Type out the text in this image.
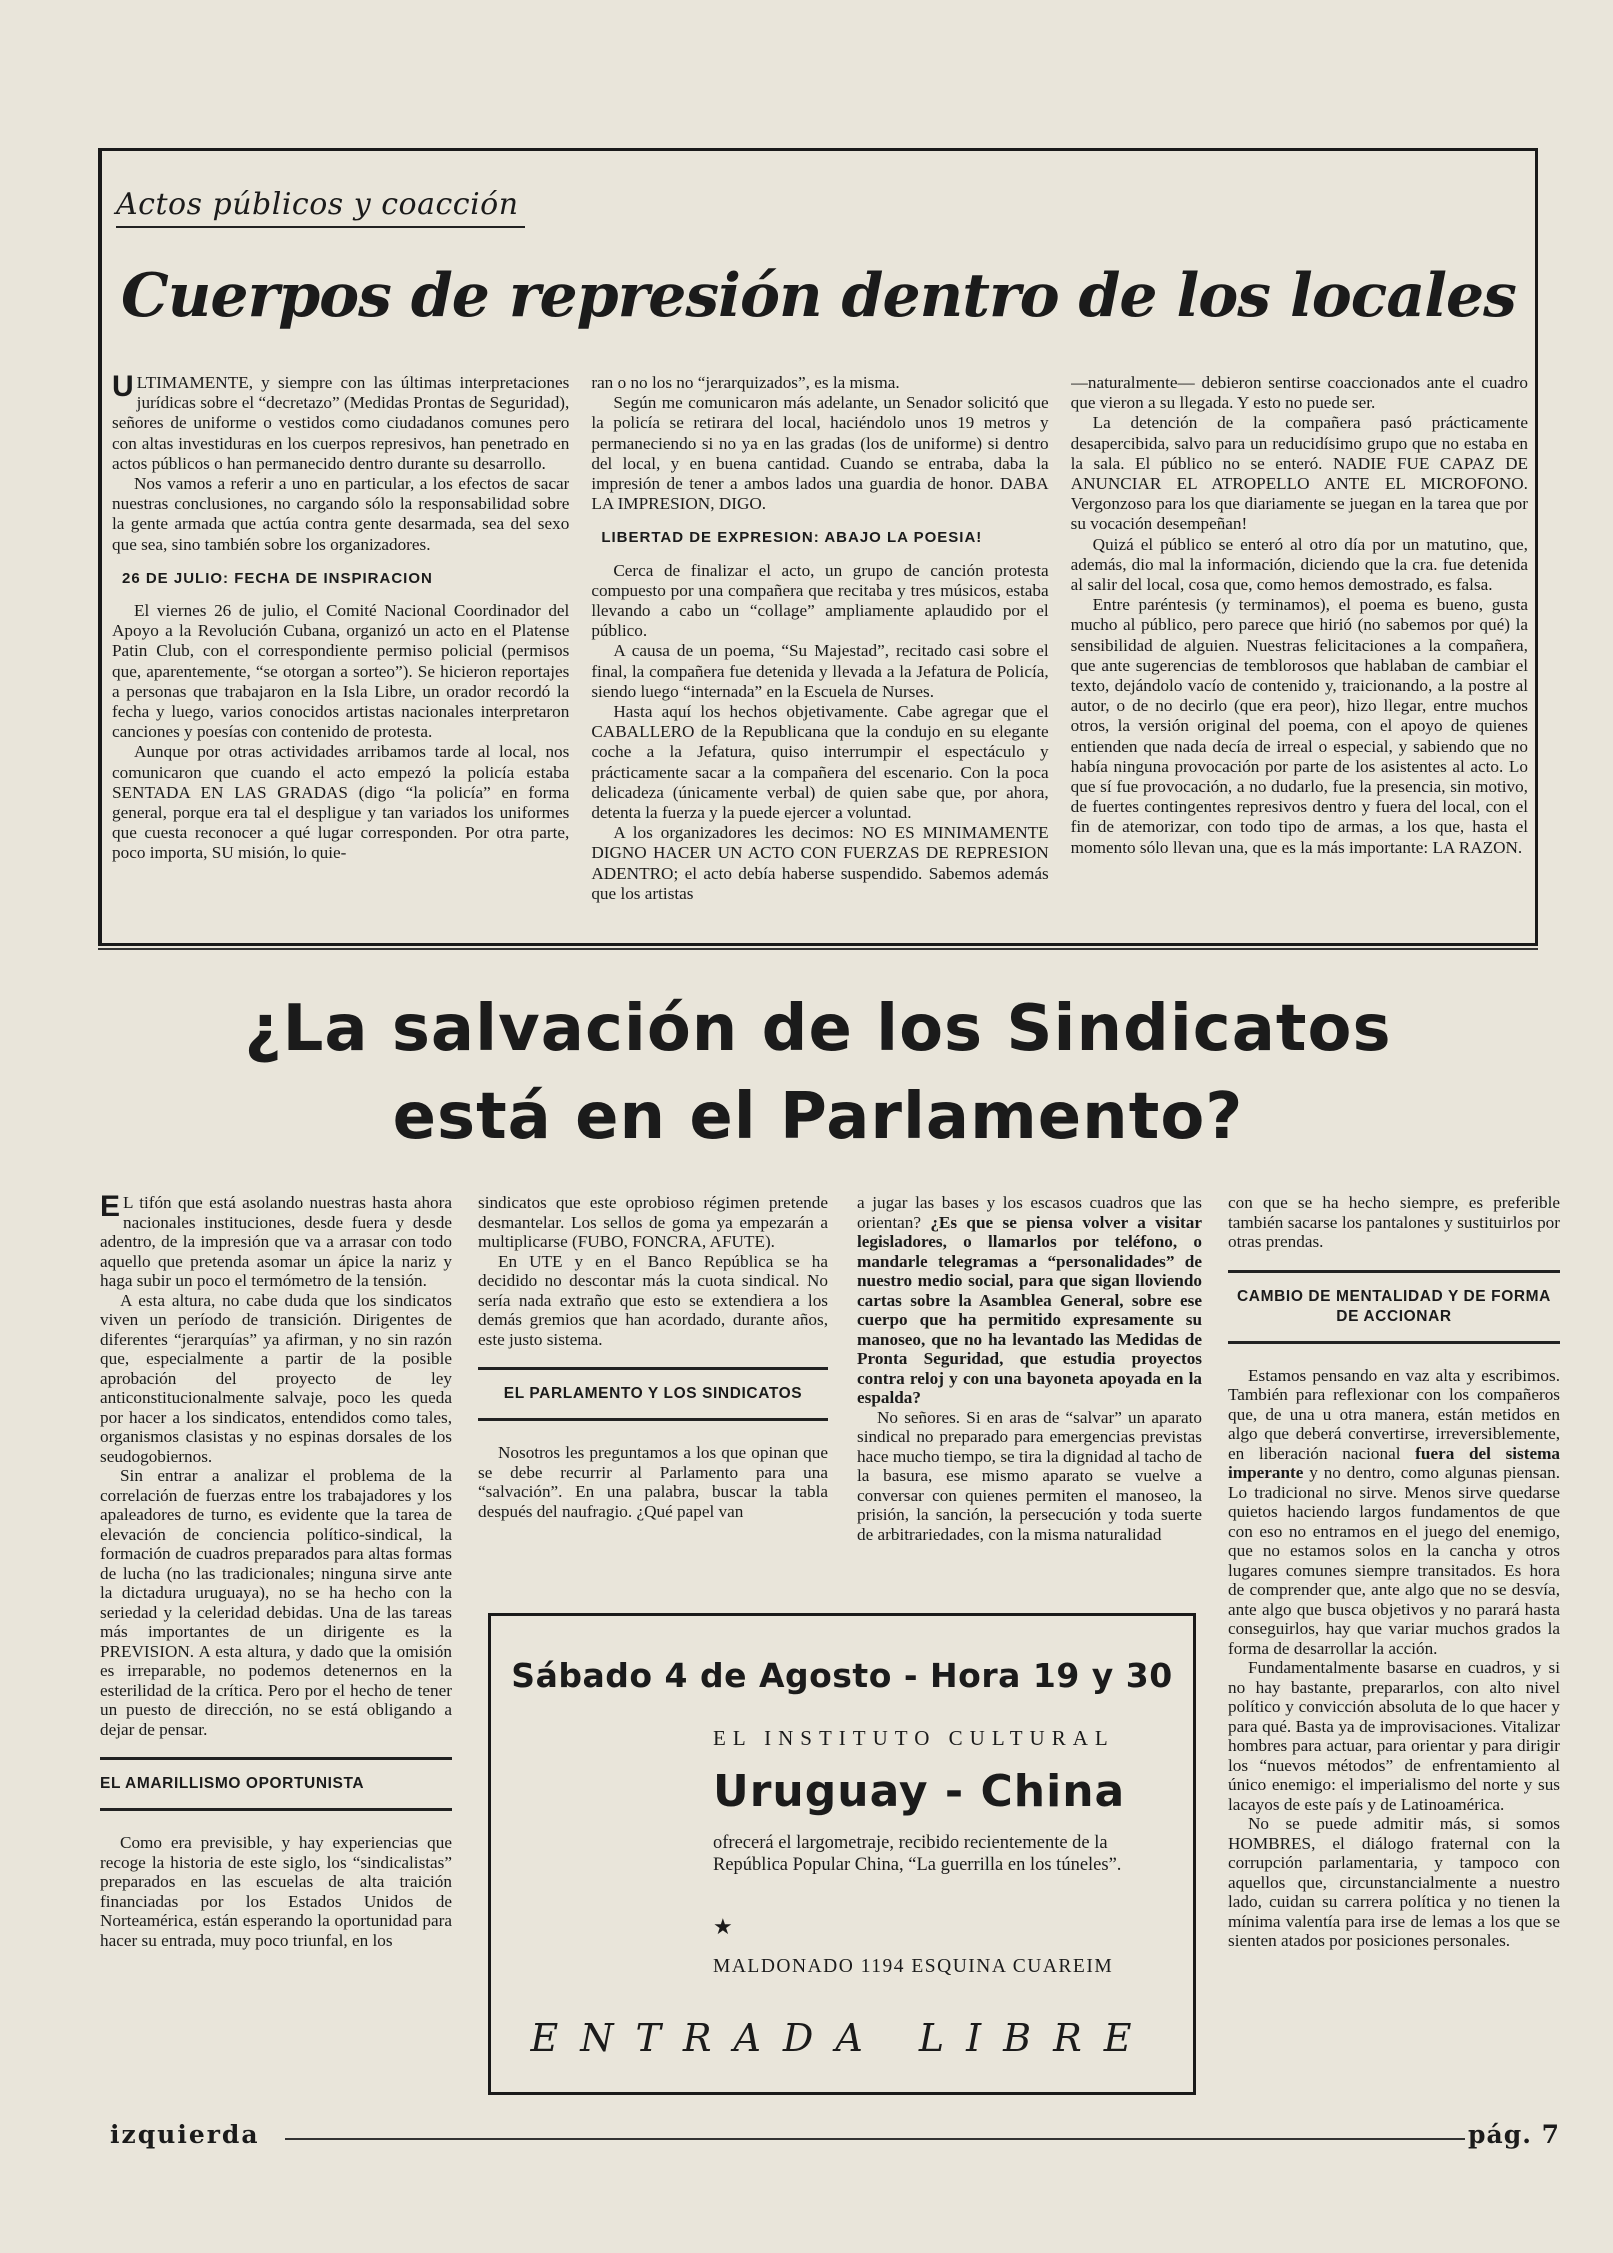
Actos públicos y coacción
Cuerpos de represión dentro de los locales

ULTIMAMENTE, y siempre con las últimas interpretaciones jurídicas sobre el “decretazo” (Medidas Prontas de Seguridad), señores de uniforme o vestidos como ciudadanos comunes pero con altas investiduras en los cuerpos represivos, han penetrado en actos públicos o han permanecido dentro durante su desarrollo.

Nos vamos a referir a uno en particular, a los efectos de sacar nuestras conclusiones, no cargando sólo la responsabilidad sobre la gente armada que actúa contra gente desarmada, sea del sexo que sea, sino también sobre los organizadores.

26 DE JULIO: FECHA DE INSPIRACION

El viernes 26 de julio, el Comité Nacional Coordinador del Apoyo a la Revolución Cubana, organizó un acto en el Platense Patin Club, con el correspondiente permiso policial (permisos que, aparentemente, “se otorgan a sorteo”). Se hicieron reportajes a personas que trabajaron en la Isla Libre, un orador recordó la fecha y luego, varios conocidos artistas nacionales interpretaron canciones y poesías con contenido de protesta.

Aunque por otras actividades arribamos tarde al local, nos comunicaron que cuando el acto empezó la policía estaba SENTADA EN LAS GRADAS (digo “la policía” en forma general, porque era tal el despligue y tan variados los uniformes que cuesta reconocer a qué lugar corresponden. Por otra parte, poco importa, SU misión, lo quie-

ran o no los no “jerarquizados”, es la misma.

Según me comunicaron más adelante, un Senador solicitó que la policía se retirara del local, haciéndolo unos 19 metros y permaneciendo si no ya en las gradas (los de uniforme) si dentro del local, y en buena cantidad. Cuando se entraba, daba la impresión de tener a ambos lados una guardia de honor. DABA LA IMPRESION, DIGO.

LIBERTAD DE EXPRESION: ABAJO LA POESIA!

Cerca de finalizar el acto, un grupo de canción protesta compuesto por una compañera que recitaba y tres músicos, estaba llevando a cabo un “collage” ampliamente aplaudido por el público.

A causa de un poema, “Su Majestad”, recitado casi sobre el final, la compañera fue detenida y llevada a la Jefatura de Policía, siendo luego “internada” en la Escuela de Nurses.

Hasta aquí los hechos objetivamente. Cabe agregar que el CABALLERO de la Republicana que la condujo en su elegante coche a la Jefatura, quiso interrumpir el espectáculo y prácticamente sacar a la compañera del escenario. Con la poca delicadeza (únicamente verbal) de quien sabe que, por ahora, detenta la fuerza y la puede ejercer a voluntad.

A los organizadores les decimos: NO ES MINIMAMENTE DIGNO HACER UN ACTO CON FUERZAS DE REPRESION ADENTRO; el acto debía haberse suspendido. Sabemos además que los artistas

—naturalmente— debieron sentirse coaccionados ante el cuadro que vieron a su llegada. Y esto no puede ser.

La detención de la compañera pasó prácticamente desapercibida, salvo para un reducidísimo grupo que no estaba en la sala. El público no se enteró. NADIE FUE CAPAZ DE ANUNCIAR EL ATROPELLO ANTE EL MICROFONO. Vergonzoso para los que diariamente se juegan en la tarea que por su vocación desempeñan!

Quizá el público se enteró al otro día por un matutino, que, además, dio mal la información, diciendo que la cra. fue detenida al salir del local, cosa que, como hemos demostrado, es falsa.

Entre paréntesis (y terminamos), el poema es bueno, gusta mucho al público, pero parece que hirió (no sabemos por qué) la sensibilidad de alguien. Nuestras felicitaciones a la compañera, que ante sugerencias de temblorosos que hablaban de cambiar el texto, dejándolo vacío de contenido y, traicionando, a la postre al autor, o de no decirlo (que era peor), hizo llegar, entre muchos otros, la versión original del poema, con el apoyo de quienes entienden que nada decía de irreal o especial, y sabiendo que no había ninguna provocación por parte de los asistentes al acto. Lo que sí fue provocación, a no dudarlo, fue la presencia, sin motivo, de fuertes contingentes represivos dentro y fuera del local, con el fin de atemorizar, con todo tipo de armas, a los que, hasta el momento sólo llevan una, que es la más importante: LA RAZON.

¿La salvación de los Sindicatos
está en el Parlamento?

E L tifón que está asolando nuestras hasta ahora nacionales instituciones, desde fuera y desde adentro, de la impresión que va a arrasar con todo aquello que pretenda asomar un ápice la nariz y haga subir un poco el termómetro de la tensión.

A esta altura, no cabe duda que los sindicatos viven un período de transición. Dirigentes de diferentes “jerarquías” ya afirman, y no sin razón que, especialmente a partir de la posible aprobación del proyecto de ley anticonstitucionalmente salvaje, poco les queda por hacer a los sindicatos, entendidos como tales, organismos clasistas y no espinas dorsales de los seudogobiernos.

Sin entrar a analizar el problema de la correlación de fuerzas entre los trabajadores y los apaleadores de turno, es evidente que la tarea de elevación de conciencia político-sindical, la formación de cuadros preparados para altas formas de lucha (no las tradicionales; ninguna sirve ante la dictadura uruguaya), no se ha hecho con la seriedad y la celeridad debidas. Una de las tareas más importantes de un dirigente es la PREVISION. A esta altura, y dado que la omisión es irreparable, no podemos detenernos en la esterilidad de la crítica. Pero por el hecho de tener un puesto de dirección, no se está obligando a dejar de pensar.

EL AMARILLISMO OPORTUNISTA

Como era previsible, y hay experiencias que recoge la historia de este siglo, los “sindicalistas” preparados en las escuelas de alta traición financiadas por los Estados Unidos de Norteamérica, están esperando la oportunidad para hacer su entrada, muy poco triunfal, en los

sindicatos que este oprobioso régimen pretende desmantelar. Los sellos de goma ya empezarán a multiplicarse (FUBO, FONCRA, AFUTE).

En UTE y en el Banco República se ha decidido no descontar más la cuota sindical. No sería nada extraño que esto se extendiera a los demás gremios que han acordado, durante años, este justo sistema.

EL PARLAMENTO Y LOS SINDICATOS

Nosotros les preguntamos a los que opinan que se debe recurrir al Parlamento para una “salvación”. En una palabra, buscar la tabla después del naufragio. ¿Qué papel van

a jugar las bases y los escasos cuadros que las orientan? ¿Es que se piensa volver a visitar legisladores, o llamarlos por teléfono, o mandarle telegramas a “personalidades” de nuestro medio social, para que sigan lloviendo cartas sobre la Asamblea General, sobre ese cuerpo que ha permitido expresamente su manoseo, que no ha levantado las Medidas de Pronta Seguridad, que estudia proyectos contra reloj y con una bayoneta apoyada en la espalda?

No señores. Si en aras de “salvar” un aparato sindical no preparado para emergencias previstas hace mucho tiempo, se tira la dignidad al tacho de la basura, ese mismo aparato se vuelve a conversar con quienes permiten el manoseo, la prisión, la sanción, la persecución y toda suerte de arbitrariedades, con la misma naturalidad

con que se ha hecho siempre, es preferible también sacarse los pantalones y sustituirlos por otras prendas.

CAMBIO DE MENTALIDAD Y DE FORMA DE ACCIONAR

Estamos pensando en vaz alta y escribimos. También para reflexionar con los compañeros que, de una u otra manera, están metidos en algo que deberá convertirse, irreversiblemente, en liberación nacional fuera del sistema imperante y no dentro, como algunas piensan. Lo tradicional no sirve. Menos sirve quedarse quietos haciendo largos fundamentos de que con eso no entramos en el juego del enemigo, que no estamos solos en la cancha y otros lugares comunes siempre transitados. Es hora de comprender que, ante algo que no se desvía, ante algo que busca objetivos y no parará hasta conseguirlos, hay que variar muchos grados la forma de desarrollar la acción.

Fundamentalmente basarse en cuadros, y si no hay bastante, prepararlos, con alto nivel político y convicción absoluta de lo que hacer y para qué. Basta ya de improvisaciones. Vitalizar hombres para actuar, para orientar y para dirigir los “nuevos métodos” de enfrentamiento al único enemigo: el imperialismo del norte y sus lacayos de este país y de Latinoamérica.

No se puede admitir más, si somos HOMBRES, el diálogo fraternal con la corrupción parlamentaria, y tampoco con aquellos que, circunstancialmente a nuestro lado, cuidan su carrera política y no tienen la mínima valentía para irse de lemas a los que se sienten atados por posiciones personales.

Sábado 4 de Agosto - Hora 19 y 30
EL INSTITUTO CULTURAL
Uruguay - China
ofrecerá el largometraje, recibido recientemente de la República Popular China, “La guerrilla en los túneles”.
★
MALDONADO 1194 ESQUINA CUAREIM
ENTRADA LIBRE
izquierda	pág. 7
